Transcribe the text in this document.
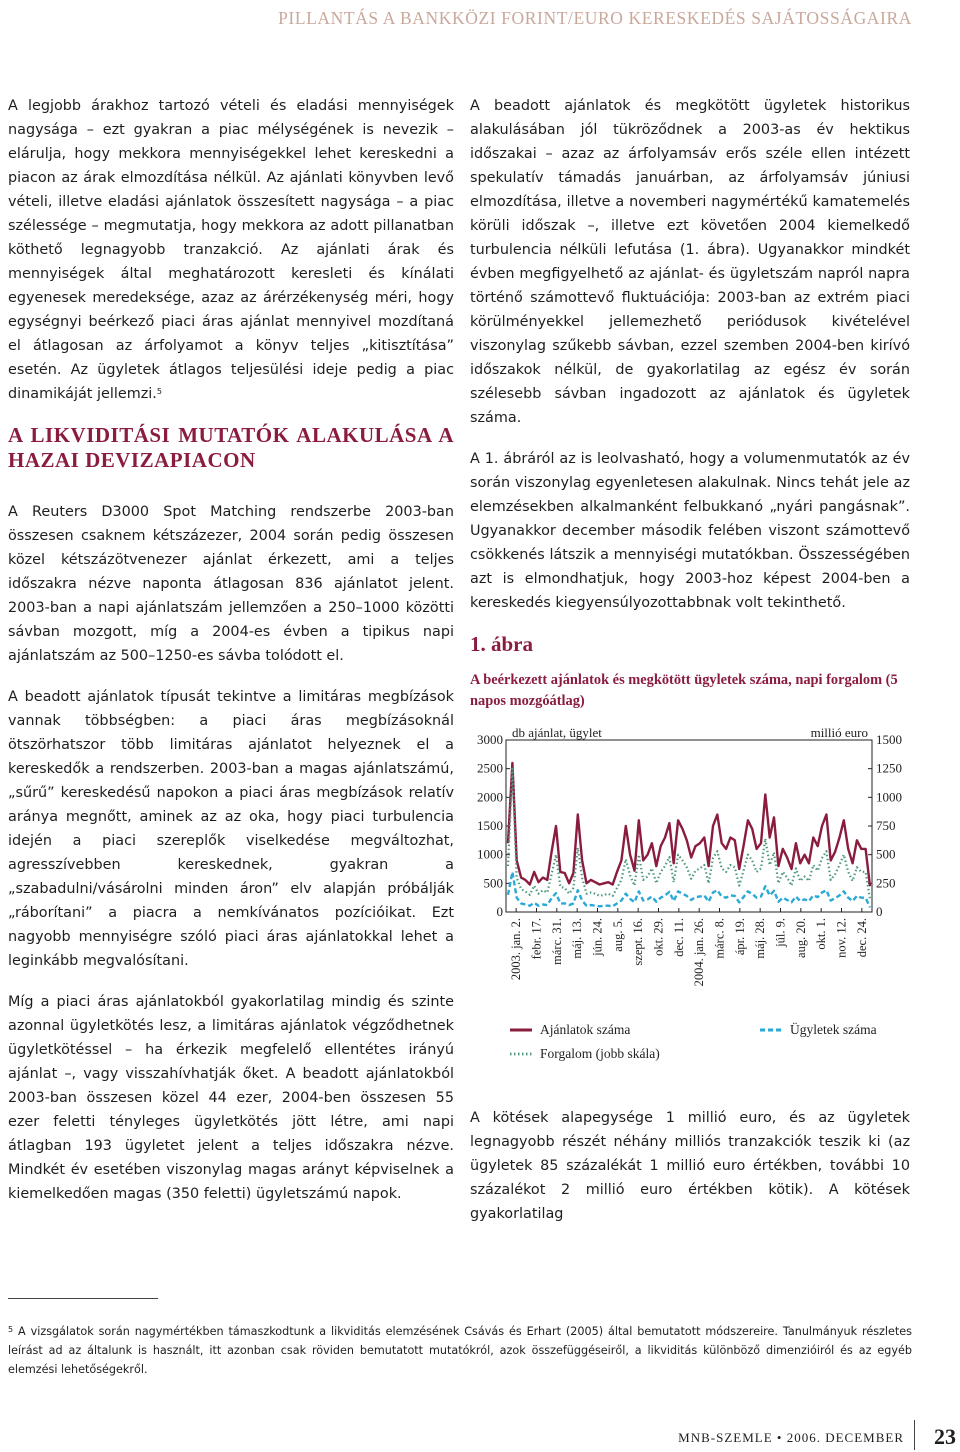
PILLANTÁS A BANKKÖZI FORINT/EURO KERESKEDÉS SAJÁTOSSÁGAIRA

A legjobb árakhoz tartozó vételi és eladási mennyiségek nagysága – ezt gyakran a piac mélységének is nevezik – elárulja, hogy mekkora mennyiségekkel lehet kereskedni a piacon az árak elmozdítása nélkül. Az ajánlati könyvben levő vételi, illetve eladási ajánlatok összesített nagysága – a piac szélessége – megmutatja, hogy mekkora az adott pillanatban köthető legnagyobb tranzakció. Az ajánlati árak és mennyiségek által meghatározott keresleti és kínálati egyenesek meredeksége, azaz az árérzékenység méri, hogy egységnyi beérkező piaci áras ajánlat mennyivel mozdítaná el átlagosan az árfolyamot a könyv teljes „kitisztítása” esetén. Az ügyletek átlagos teljesülési ideje pedig a piac dinamikáját jellemzi.$^5$

A LIKVIDITÁSI MUTATÓK ALAKULÁSA A HAZAI DEVIZAPIACON

A Reuters D3000 Spot Matching rendszerbe 2003-ban összesen csaknem kétszázezer, 2004 során pedig összesen közel kétszázötvenezer ajánlat érkezett, ami a teljes időszakra nézve naponta átlagosan 836 ajánlatot jelent. 2003-ban a napi ajánlatszám jellemzően a 250–1000 közötti sávban mozgott, míg a 2004-es évben a tipikus napi ajánlatszám az 500–1250-es sávba tolódott el.

A beadott ajánlatok típusát tekintve a limitáras megbízások vannak többségben: a piaci áras megbízásoknál ötszörhatszor több limitáras ajánlatot helyeznek el a kereskedők a rendszerben. 2003-ban a magas ajánlatszámú, „sűrű” kereskedésű napokon a piaci áras megbízások relatív aránya megnőtt, aminek az az oka, hogy piaci turbulencia idején a piaci szereplők viselkedése megváltozhat, agresszívebben kereskednek, gyakran a „szabadulni/vásárolni minden áron” elv alapján próbálják „ráborítani” a piacra a nemkívánatos pozícióikat. Ezt nagyobb mennyiségre szóló piaci áras ajánlatokkal lehet a leginkább megvalósítani.

Míg a piaci áras ajánlatokból gyakorlatilag mindig és szinte azonnal ügyletkötés lesz, a limitáras ajánlatok végződhetnek ügyletkötéssel – ha érkezik megfelelő ellentétes irányú ajánlat –, vagy visszahívhatják őket. A beadott ajánlatokból 2003-ban összesen közel 44 ezer, 2004-ben összesen 55 ezer feletti tényleges ügyletkötés jött létre, ami napi átlagban 193 ügyletet jelent a teljes időszakra nézve. Mindkét év esetében viszonylag magas arányt képviselnek a kiemelkedően magas (350 feletti) ügyletszámú napok.

A beadott ajánlatok és megkötött ügyletek historikus alakulásában jól tükröződnek a 2003-as év hektikus időszakai – azaz az árfolyamsáv erős széle ellen intézett spekulatív támadás januárban, az árfolyamsáv júniusi elmozdítása, illetve a novemberi nagymértékű kamatemelés körüli időszak –, illetve ezt követően 2004 kiemelkedő turbulencia nélküli lefutása (1. ábra). Ugyanakkor mindkét évben megfigyelhető az ajánlat- és ügyletszám napról napra történő számottevő fluktuációja: 2003-ban az extrém piaci körülményekkel jellemezhető periódusok kivételével viszonylag szűkebb sávban, ezzel szemben 2004-ben kirívó időszakok nélkül, de gyakorlatilag az egész év során szélesebb sávban ingadozott az ajánlatok és ügyletek száma.

A 1. ábráról az is leolvasható, hogy a volumenmutatók az év során viszonylag egyenletesen alakulnak. Nincs tehát jele az elemzésekben alkalmanként felbukkanó „nyári pangásnak”. Ugyanakkor december második felében viszont számottevő csökkenés látszik a mennyiségi mutatókban. Összességében azt is elmondhatjuk, hogy 2003-hoz képest 2004-ben a kereskedés kiegyensúlyozottabbnak volt tekinthető.

1. ábra
A beérkezett ajánlatok és megkötött ügyletek száma, napi forgalom (5 napos mozgóátlag)
db ajánlat, ügylet	millió euro
3000
2500
2000
1500
1000
500
0
1500
1250
1000
750
500
250
0
2003. jan. 2. febr. 17. márc. 31. máj. 13. jún. 24. aug. 5. szept. 16. okt. 29. dec. 11. 2004. jan. 26. márc. 8. ápr. 19. máj. 28. júl. 9. aug. 20. okt. 1. nov. 12. dec. 24.
Ajánlatok száma	Ügyletek száma
Forgalom (jobb skála)

A kötések alapegysége 1 millió euro, és az ügyletek legnagyobb részét néhány milliós tranzakciók teszik ki (az ügyletek 85 százalékát 1 millió euro értékben, további 10 százalékot 2 millió euro értékben kötik). A kötések gyakorlatilag

$^5$ A vizsgálatok során nagymértékben támaszkodtunk a likviditás elemzésének Csávás és Erhart (2005) által bemutatott módszereire. Tanulmányuk részletes leírást ad az általunk is használt, itt azonban csak röviden bemutatott mutatókról, azok összefüggéseiről, a likviditás különböző dimenzióiról és az egyéb elemzési lehetőségekről.
MNB-SZEMLE • 2006. DECEMBER 23
